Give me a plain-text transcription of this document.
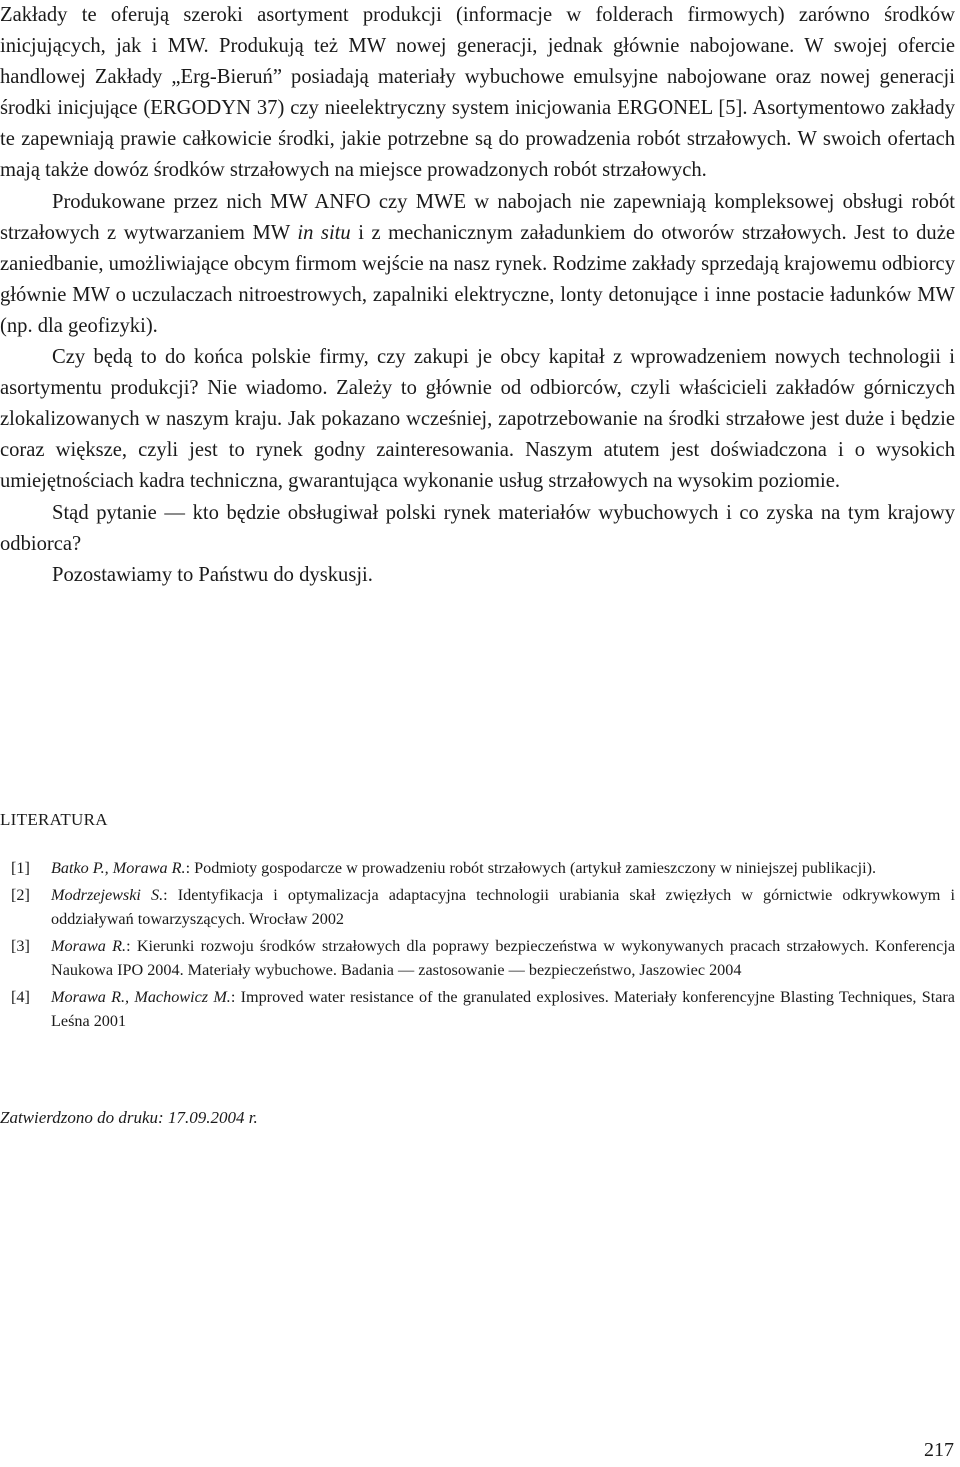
Zakłady te oferują szeroki asortyment produkcji (informacje w folderach firmowych) zarówno środków inicjujących, jak i MW. Produkują też MW nowej generacji, jednak głównie nabojowane. W swojej ofercie handlowej Zakłady „Erg-Bieruń” posiadają materiały wybuchowe emulsyjne nabojowane oraz nowej generacji środki inicjujące (ERGODYN 37) czy nieelektryczny system inicjowania ERGONEL [5]. Asortymentowo zakłady te zapewniają prawie całkowicie środki, jakie potrzebne są do prowadzenia robót strzałowych. W swoich ofertach mają także dowóz środków strzałowych na miejsce prowadzonych robót strzałowych.

Produkowane przez nich MW ANFO czy MWE w nabojach nie zapewniają kompleksowej obsługi robót strzałowych z wytwarzaniem MW in situ i z mechanicznym załadunkiem do otworów strzałowych. Jest to duże zaniedbanie, umożliwiające obcym firmom wejście na nasz rynek. Rodzime zakłady sprzedają krajowemu odbiorcy głównie MW o uczulaczach nitroestrowych, zapalniki elektryczne, lonty detonujące i inne postacie ładunków MW (np. dla geofizyki).

Czy będą to do końca polskie firmy, czy zakupi je obcy kapitał z wprowadzeniem nowych technologii i asortymentu produkcji? Nie wiadomo. Zależy to głównie od odbiorców, czyli właścicieli zakładów górniczych zlokalizowanych w naszym kraju. Jak pokazano wcześniej, zapotrzebowanie na środki strzałowe jest duże i będzie coraz większe, czyli jest to rynek godny zainteresowania. Naszym atutem jest doświadczona i o wysokich umiejętnościach kadra techniczna, gwarantująca wykonanie usług strzałowych na wysokim poziomie.

Stąd pytanie — kto będzie obsługiwał polski rynek materiałów wybuchowych i co zyska na tym krajowy odbiorca?

Pozostawiamy to Państwu do dyskusji.

LITERATURA
[1] Batko P., Morawa R.: Podmioty gospodarcze w prowadzeniu robót strzałowych (artykuł zamieszczony w niniejszej publikacji).
[2] Modrzejewski S.: Identyfikacja i optymalizacja adaptacyjna technologii urabiania skał zwięzłych w górnictwie odkrywkowym i oddziaływań towarzyszących. Wrocław 2002
[3] Morawa R.: Kierunki rozwoju środków strzałowych dla poprawy bezpieczeństwa w wykonywanych pracach strzałowych. Konferencja Naukowa IPO 2004. Materiały wybuchowe. Badania — zastosowanie — bezpieczeństwo, Jaszowiec 2004
[4] Morawa R., Machowicz M.: Improved water resistance of the granulated explosives. Materiały konferencyjne Blasting Techniques, Stara Leśna 2001

Zatwierdzono do druku: 17.09.2004 r.

217
